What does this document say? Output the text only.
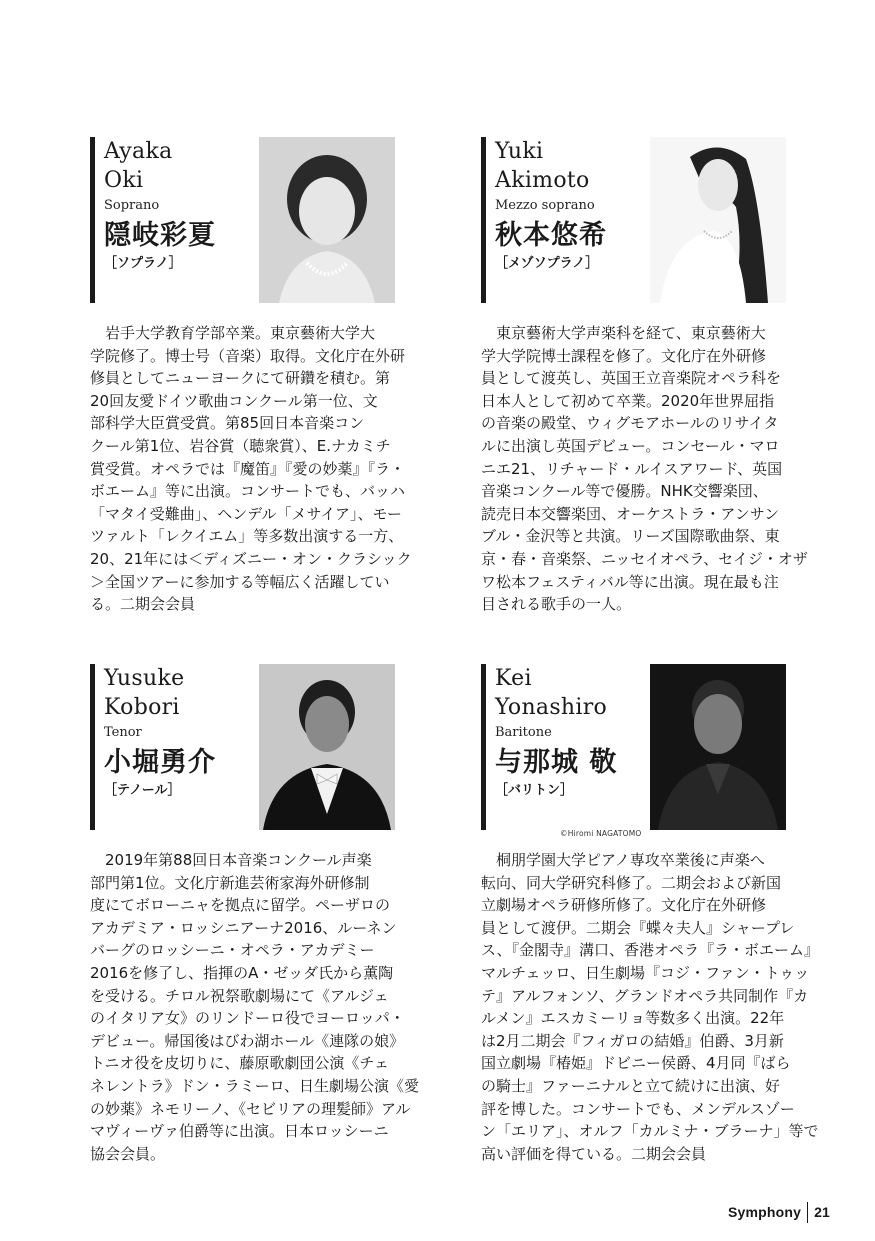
Ayaka
Oki
Soprano
隠岐彩夏
［ソプラノ］

　岩手大学教育学部卒業。東京藝術大学大
学院修了。博士号（音楽）取得。文化庁在外研
修員としてニューヨークにて研鑽を積む。第
20回友愛ドイツ歌曲コンクール第一位、文
部科学大臣賞受賞。第85回日本音楽コン
クール第1位、岩谷賞（聴衆賞）、E.ナカミチ
賞受賞。オペラでは『魔笛』『愛の妙薬』『ラ・
ボエーム』等に出演。コンサートでも、バッハ
「マタイ受難曲」、ヘンデル「メサイア」、モー
ツァルト「レクイエム」等多数出演する一方、
20、21年には＜ディズニー・オン・クラシック
＞全国ツアーに参加する等幅広く活躍してい
る。二期会会員

Yuki
Akimoto
Mezzo soprano
秋本悠希
［メゾソプラノ］

　東京藝術大学声楽科を経て、東京藝術大
学大学院博士課程を修了。文化庁在外研修
員として渡英し、英国王立音楽院オペラ科を
日本人として初めて卒業。2020年世界屈指
の音楽の殿堂、ウィグモアホールのリサイタ
ルに出演し英国デビュー。コンセール・マロ
ニエ21、リチャード・ルイスアワード、英国
音楽コンクール等で優勝。NHK交響楽団、
読売日本交響楽団、オーケストラ・アンサン
ブル・金沢等と共演。リーズ国際歌曲祭、東
京・春・音楽祭、ニッセイオペラ、セイジ・オザ
ワ松本フェスティバル等に出演。現在最も注
目される歌手の一人。

Yusuke
Kobori
Tenor
小堀勇介
［テノール］

　2019年第88回日本音楽コンクール声楽
部門第1位。文化庁新進芸術家海外研修制
度にてボローニャを拠点に留学。ペーザロの
アカデミア・ロッシニアーナ2016、ルーネン
バーグのロッシーニ・オペラ・アカデミー
2016を修了し、指揮のA・ゼッダ氏から薫陶
を受ける。チロル祝祭歌劇場にて《アルジェ
のイタリア女》のリンドーロ役でヨーロッパ・
デビュー。帰国後はびわ湖ホール《連隊の娘》
トニオ役を皮切りに、藤原歌劇団公演《チェ
ネレントラ》ドン・ラミーロ、日生劇場公演《愛
の妙薬》ネモリーノ、《セビリアの理髪師》アル
マヴィーヴァ伯爵等に出演。日本ロッシーニ
協会会員。

Kei
Yonashiro
Baritone
与那城 敬
［バリトン］

　桐朋学園大学ピアノ専攻卒業後に声楽へ
転向、同大学研究科修了。二期会および新国
立劇場オペラ研修所修了。文化庁在外研修
員として渡伊。二期会『蝶々夫人』シャープレ
ス、『金閣寺』溝口、香港オペラ『ラ・ボエーム』
マルチェッロ、日生劇場『コジ・ファン・トゥッ
テ』アルフォンソ、グランドオペラ共同制作『カ
ルメン』エスカミーリョ等数多く出演。22年
は2月二期会『フィガロの結婚』伯爵、3月新
国立劇場『椿姫』ドビニー侯爵、4月同『ばら
の騎士』ファーニナルと立て続けに出演、好
評を博した。コンサートでも、メンデルスゾー
ン「エリア」、オルフ「カルミナ・ブラーナ」等で
高い評価を得ている。二期会会員

©Hiromi NAGATOMO
Symphony 21
